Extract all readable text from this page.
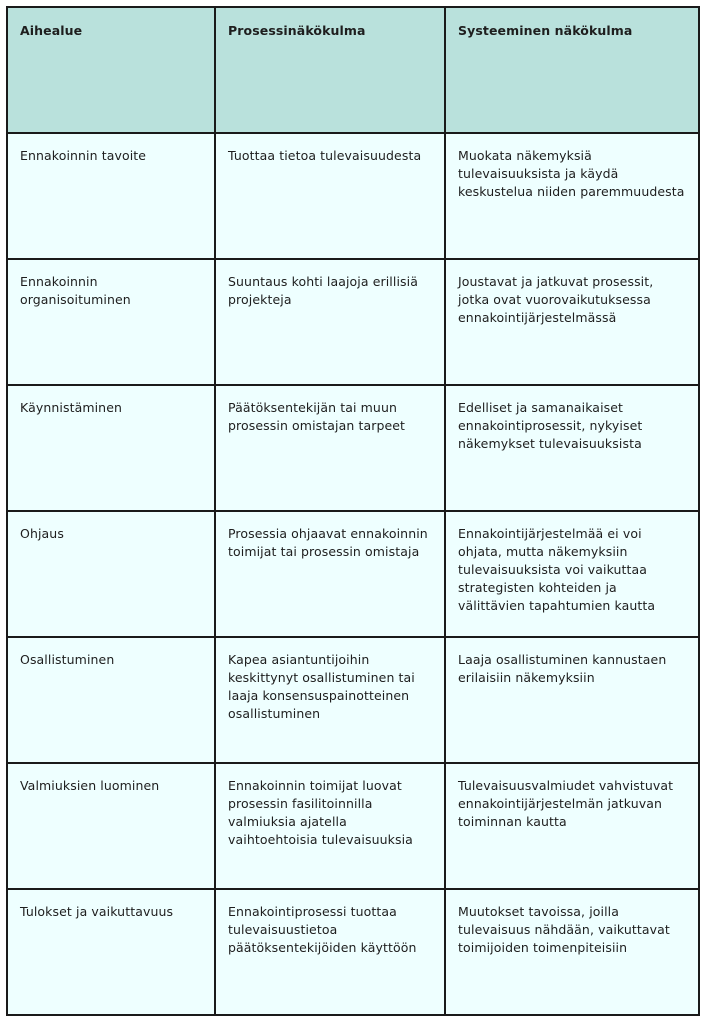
Aihealue	Prosessinäkökulma	Systeeminen näkökulma
Ennakoinnin tavoite	Tuottaa tietoa tulevaisuudesta	Muokata näkemyksiä tulevaisuuksista ja käydä keskustelua niiden paremmuudesta
Ennakoinnin organisoituminen	Suuntaus kohti laajoja erillisiä projekteja	Joustavat ja jatkuvat prosessit, jotka ovat vuorovaikutuksessa ennakointijärjestelmässä
Käynnistäminen	Päätöksentekijän tai muun prosessin omistajan tarpeet	Edelliset ja samanaikaiset ennakointiprosessit, nykyiset näkemykset tulevaisuuksista
Ohjaus	Prosessia ohjaavat ennakoinnin toimijat tai prosessin omistaja	Ennakointijärjestelmää ei voi ohjata, mutta näkemyksiin tulevaisuuksista voi vaikuttaa strategisten kohteiden ja välittävien tapahtumien kautta
Osallistuminen	Kapea asiantuntijoihin keskittynyt osallistuminen tai laaja konsensuspainotteinen osallistuminen	Laaja osallistuminen kannustaen erilaisiin näkemyksiin
Valmiuksien luominen	Ennakoinnin toimijat luovat prosessin fasilitoinnilla valmiuksia ajatella vaihtoehtoisia tulevaisuuksia	Tulevaisuusvalmiudet vahvistuvat ennakointijärjestelmän jatkuvan toiminnan kautta
Tulokset ja vaikuttavuus	Ennakointiprosessi tuottaa tulevaisuustietoa päätöksentekijöiden käyttöön	Muutokset tavoissa, joilla tulevaisuus nähdään, vaikuttavat toimijoiden toimenpiteisiin
